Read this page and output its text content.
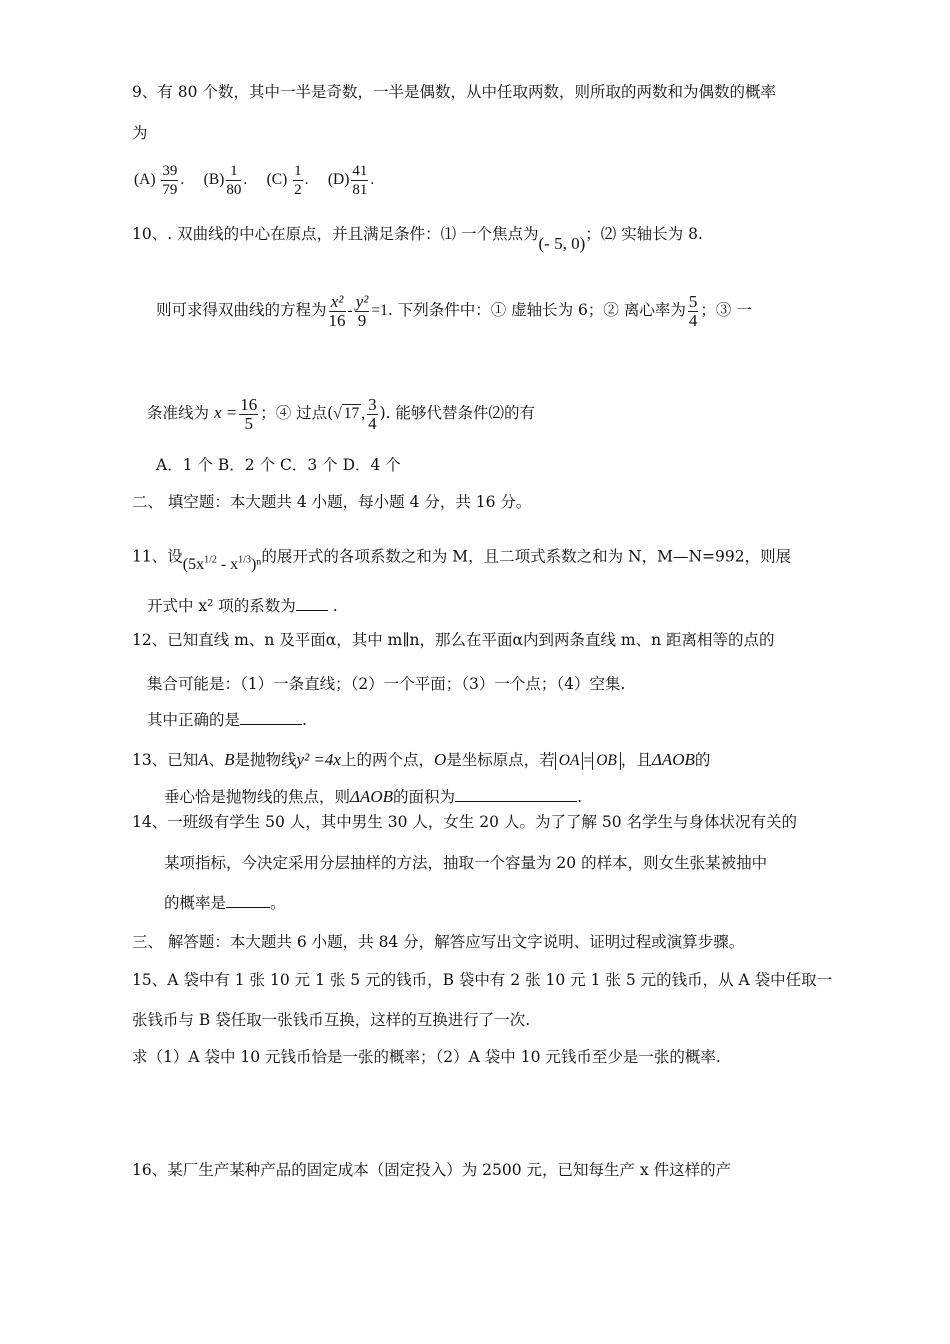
9、有 80 个数，其中一半是奇数，一半是偶数，从中任取两数，则所取的两数和为偶数的概率
为
$(A) \frac{39}{79}$ . $(B) \frac{1}{80}$ . $(C) \frac{1}{2}$ . $(D) \frac{41}{81}$ .
10、. 双曲线的中心在原点，并且满足条件：⑴ 一个焦点为(- 5, 0)；⑵ 实轴长为 8.
则可求得双曲线的方程为 $\frac{\text{x²}}{16} - \frac{\text{y²}}{9} =1$. 下列条件中：① 虚轴长为 6；② 离心率为 $\frac{5}{4}$ ；③ 一
条准线为 $x = \frac{16}{5}$ ；④ 过点(√ 17 , $\frac{3}{4}$ ). 能够代替条件⑵的有
A．1 个 B．2 个 C．3 个 D．4 个
二、 填空题：本大题共 4 小题，每小题 4 分，共 16 分。
11、设$(5x^{1/2} - x^{1/3})^n$的展开式的各项系数之和为 M，且二项式系数之和为 N，M—N=992，则展
开式中 x² 项的系数为 .
12、已知直线 m、n 及平面α，其中 m∥n，那么在平面α内到两条直线 m、n 距离相等的点的
集合可能是：（1）一条直线；（2）一个平面；（3）一个点；（4）空集.
其中正确的是	.
13、已知A、B是抛物线y² =4x上的两个点，O是坐标原点，若 OA = OB ，且ΔAOB的
垂心恰是抛物线的焦点，则ΔAOB的面积为	.
14、一班级有学生 50 人，其中男生 30 人，女生 20 人。为了了解 50 名学生与身体状况有关的
某项指标，今决定采用分层抽样的方法，抽取一个容量为 20 的样本，则女生张某被抽中
的概率是	。
三、 解答题：本大题共 6 小题，共 84 分，解答应写出文字说明、证明过程或演算步骤。
15、A 袋中有 1 张 10 元 1 张 5 元的钱币，B 袋中有 2 张 10 元 1 张 5 元的钱币，从 A 袋中任取一
张钱币与 B 袋任取一张钱币互换，这样的互换进行了一次.
求（1）A 袋中 10 元钱币恰是一张的概率；（2）A 袋中 10 元钱币至少是一张的概率.
16、某厂生产某种产品的固定成本（固定投入）为 2500 元，已知每生产 x 件这样的产
